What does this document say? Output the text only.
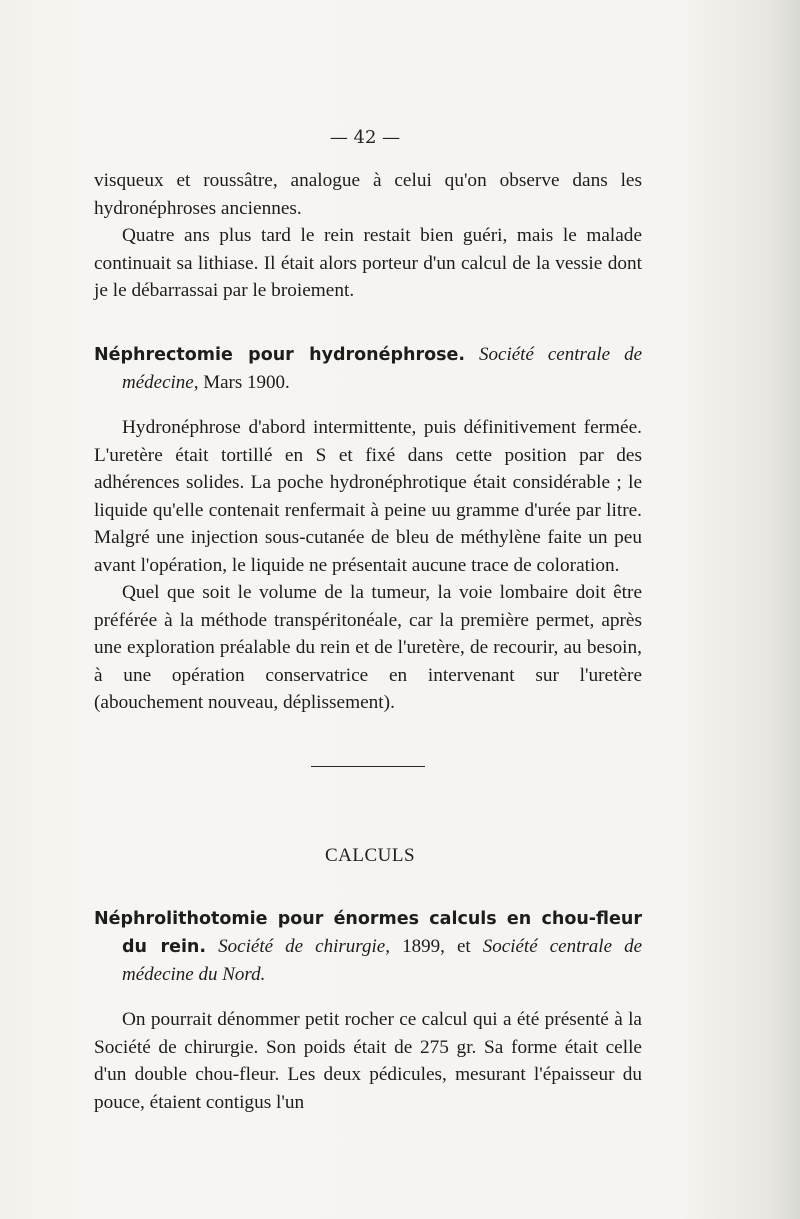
— 42 —

visqueux et roussâtre, analogue à celui qu'on observe dans les hydronéphroses anciennes.

Quatre ans plus tard le rein restait bien guéri, mais le malade continuait sa lithiase. Il était alors porteur d'un calcul de la vessie dont je le débarrassai par le broiement.

Néphrectomie pour hydronéphrose. Société centrale de médecine, Mars 1900.

Hydronéphrose d'abord intermittente, puis définitivement fermée. L'uretère était tortillé en S et fixé dans cette position par des adhérences solides. La poche hydronéphrotique était considérable ; le liquide qu'elle contenait renfermait à peine uu gramme d'urée par litre. Malgré une injection sous-cutanée de bleu de méthylène faite un peu avant l'opération, le liquide ne présentait aucune trace de coloration.

Quel que soit le volume de la tumeur, la voie lombaire doit être préférée à la méthode transpéritonéale, car la première permet, après une exploration préalable du rein et de l'uretère, de recourir, au besoin, à une opération conservatrice en intervenant sur l'uretère (abouchement nouveau, déplissement).

CALCULS
Néphrolithotomie pour énormes calculs en chou-fleur du rein. Société de chirurgie, 1899, et Société centrale de médecine du Nord.

On pourrait dénommer petit rocher ce calcul qui a été présenté à la Société de chirurgie. Son poids était de 275 gr. Sa forme était celle d'un double chou-fleur. Les deux pédicules, mesurant l'épaisseur du pouce, étaient contigus l'un
